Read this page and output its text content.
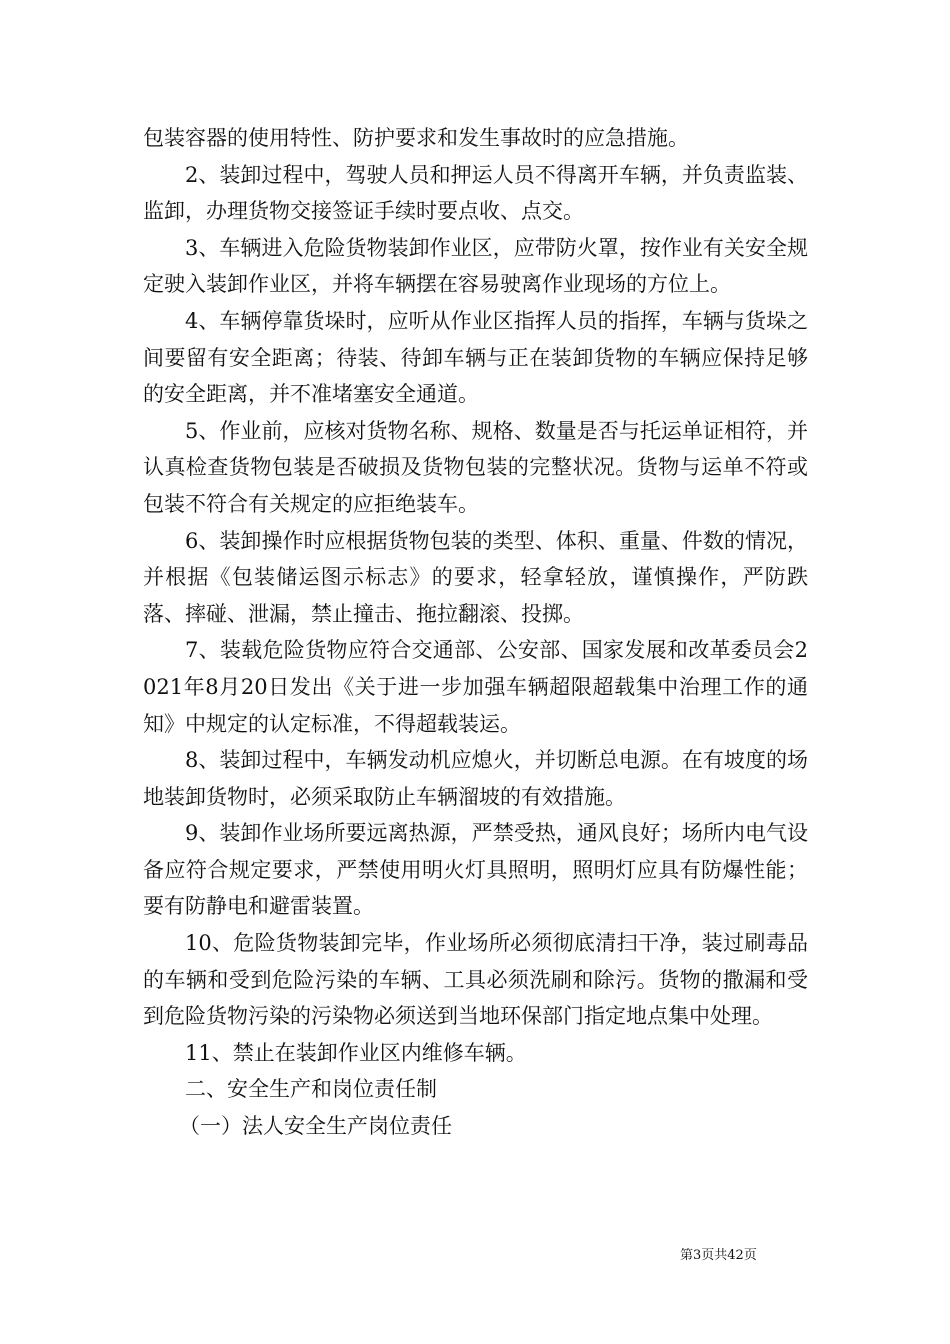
包装容器的使用特性、防护要求和发生事故时的应急措施。

2、装卸过程中，驾驶人员和押运人员不得离开车辆，并负责监装、监卸，办理货物交接签证手续时要点收、点交。

3、车辆进入危险货物装卸作业区，应带防火罩，按作业有关安全规定驶入装卸作业区，并将车辆摆在容易驶离作业现场的方位上。

4、车辆停靠货垛时，应听从作业区指挥人员的指挥，车辆与货垛之间要留有安全距离；待装、待卸车辆与正在装卸货物的车辆应保持足够的安全距离，并不准堵塞安全通道。

5、作业前，应核对货物名称、规格、数量是否与托运单证相符，并认真检查货物包装是否破损及货物包装的完整状况。货物与运单不符或包装不符合有关规定的应拒绝装车。

6、装卸操作时应根据货物包装的类型、体积、重量、件数的情况，并根据《包装储运图示标志》的要求，轻拿轻放，谨慎操作，严防跌落、摔碰、泄漏，禁止撞击、拖拉翻滚、投掷。

7、装载危险货物应符合交通部、公安部、国家发展和改革委员会2021年8月20日发出《关于进一步加强车辆超限超载集中治理工作的通知》中规定的认定标准，不得超载装运。

8、装卸过程中，车辆发动机应熄火，并切断总电源。在有坡度的场地装卸货物时，必须采取防止车辆溜坡的有效措施。

9、装卸作业场所要远离热源，严禁受热，通风良好；场所内电气设备应符合规定要求，严禁使用明火灯具照明，照明灯应具有防爆性能；要有防静电和避雷装置。

10、危险货物装卸完毕，作业场所必须彻底清扫干净，装过刷毒品的车辆和受到危险污染的车辆、工具必须洗刷和除污。货物的撒漏和受到危险货物污染的污染物必须送到当地环保部门指定地点集中处理。

11、禁止在装卸作业区内维修车辆。

二、安全生产和岗位责任制

（一）法人安全生产岗位责任

第3页共42页
